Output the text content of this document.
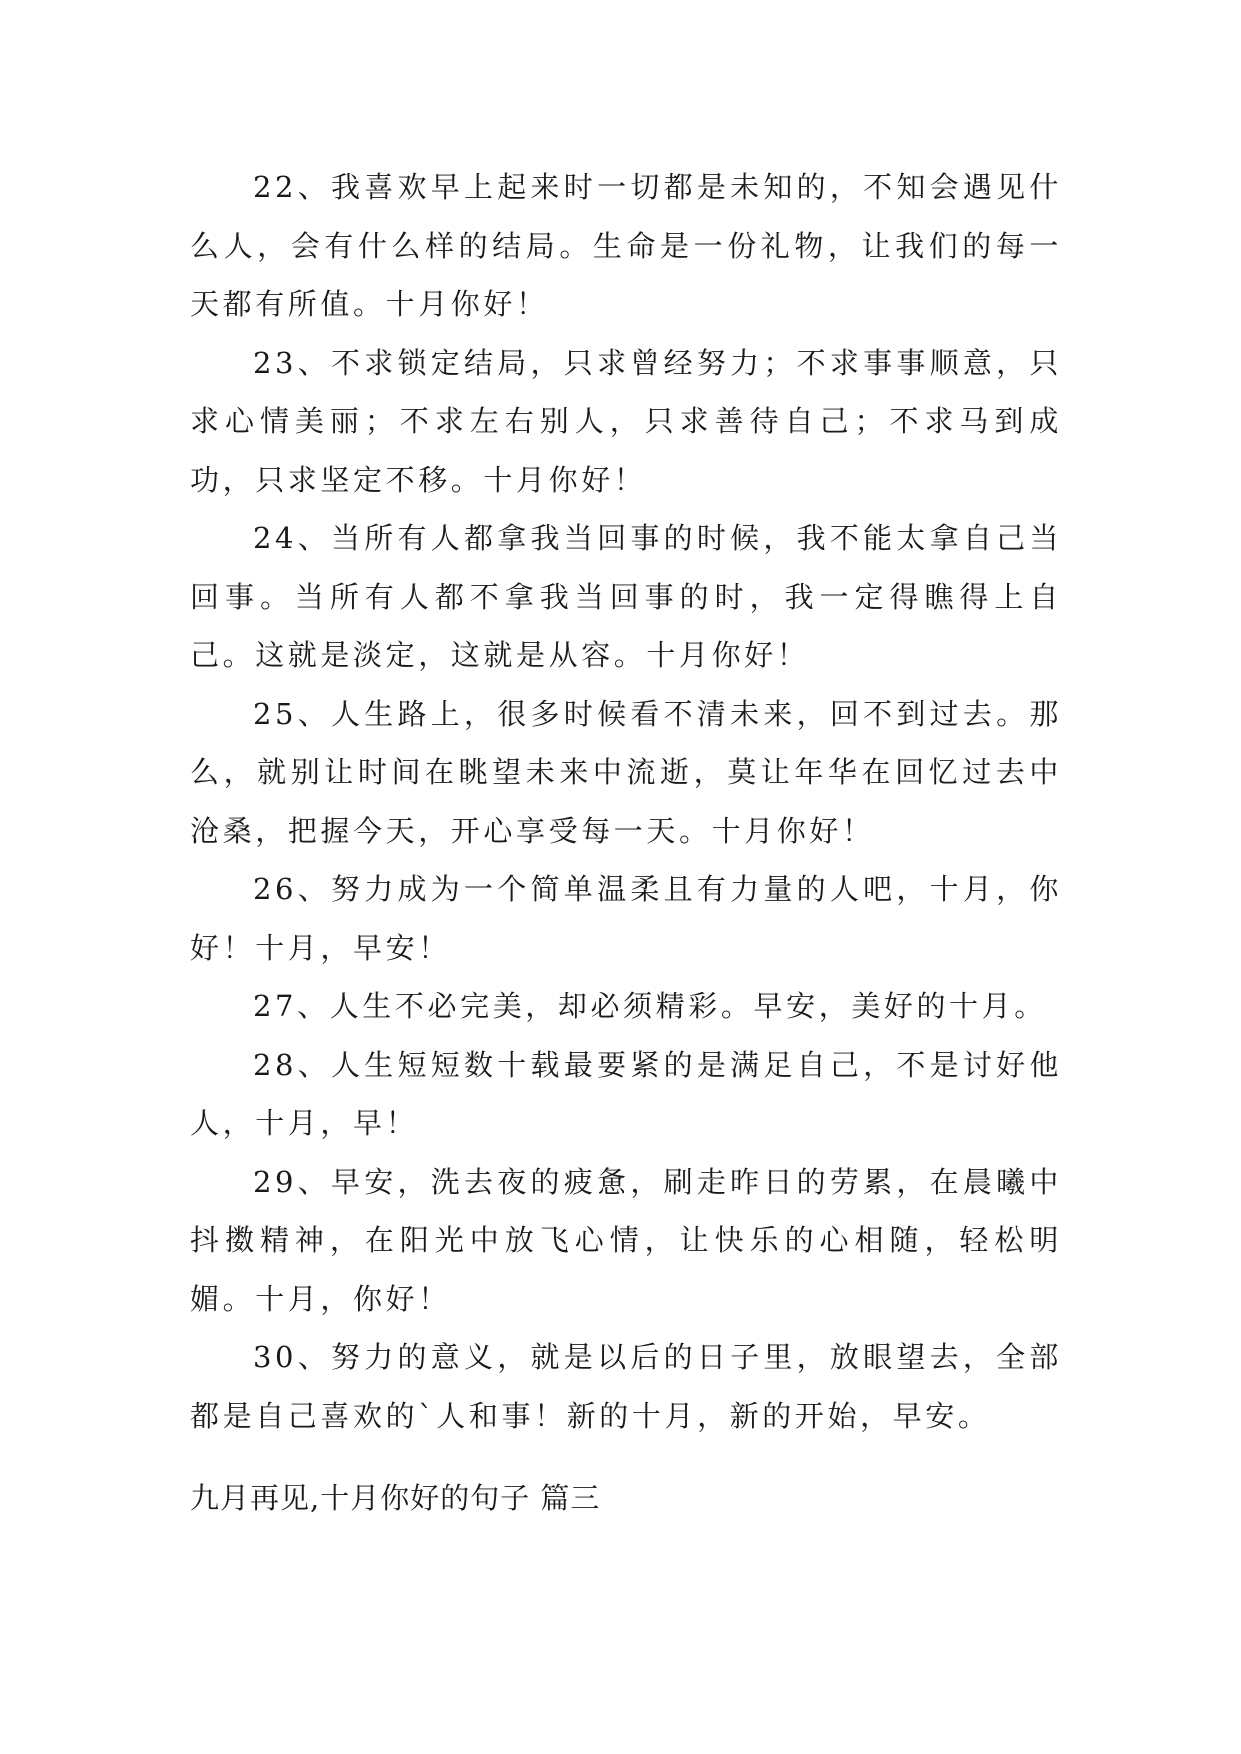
22、我喜欢早上起来时一切都是未知的，不知会遇见什么人，会有什么样的结局。生命是一份礼物，让我们的每一天都有所值。十月你好！

23、不求锁定结局，只求曾经努力；不求事事顺意，只求心情美丽；不求左右别人，只求善待自己；不求马到成功，只求坚定不移。十月你好！

24、当所有人都拿我当回事的时候，我不能太拿自己当回事。当所有人都不拿我当回事的时，我一定得瞧得上自己。这就是淡定，这就是从容。十月你好！

25、人生路上，很多时候看不清未来，回不到过去。那么，就别让时间在眺望未来中流逝，莫让年华在回忆过去中沧桑，把握今天，开心享受每一天。十月你好！

26、努力成为一个简单温柔且有力量的人吧，十月，你好！十月，早安！

27、人生不必完美，却必须精彩。早安，美好的十月。

28、人生短短数十载最要紧的是满足自己，不是讨好他人，十月，早！

29、早安，洗去夜的疲惫，刷走昨日的劳累，在晨曦中抖擞精神，在阳光中放飞心情，让快乐的心相随，轻松明媚。十月，你好！

30、努力的意义，就是以后的日子里，放眼望去，全部都是自己喜欢的`人和事！新的十月，新的开始，早安。

九月再见,十月你好的句子 篇三
